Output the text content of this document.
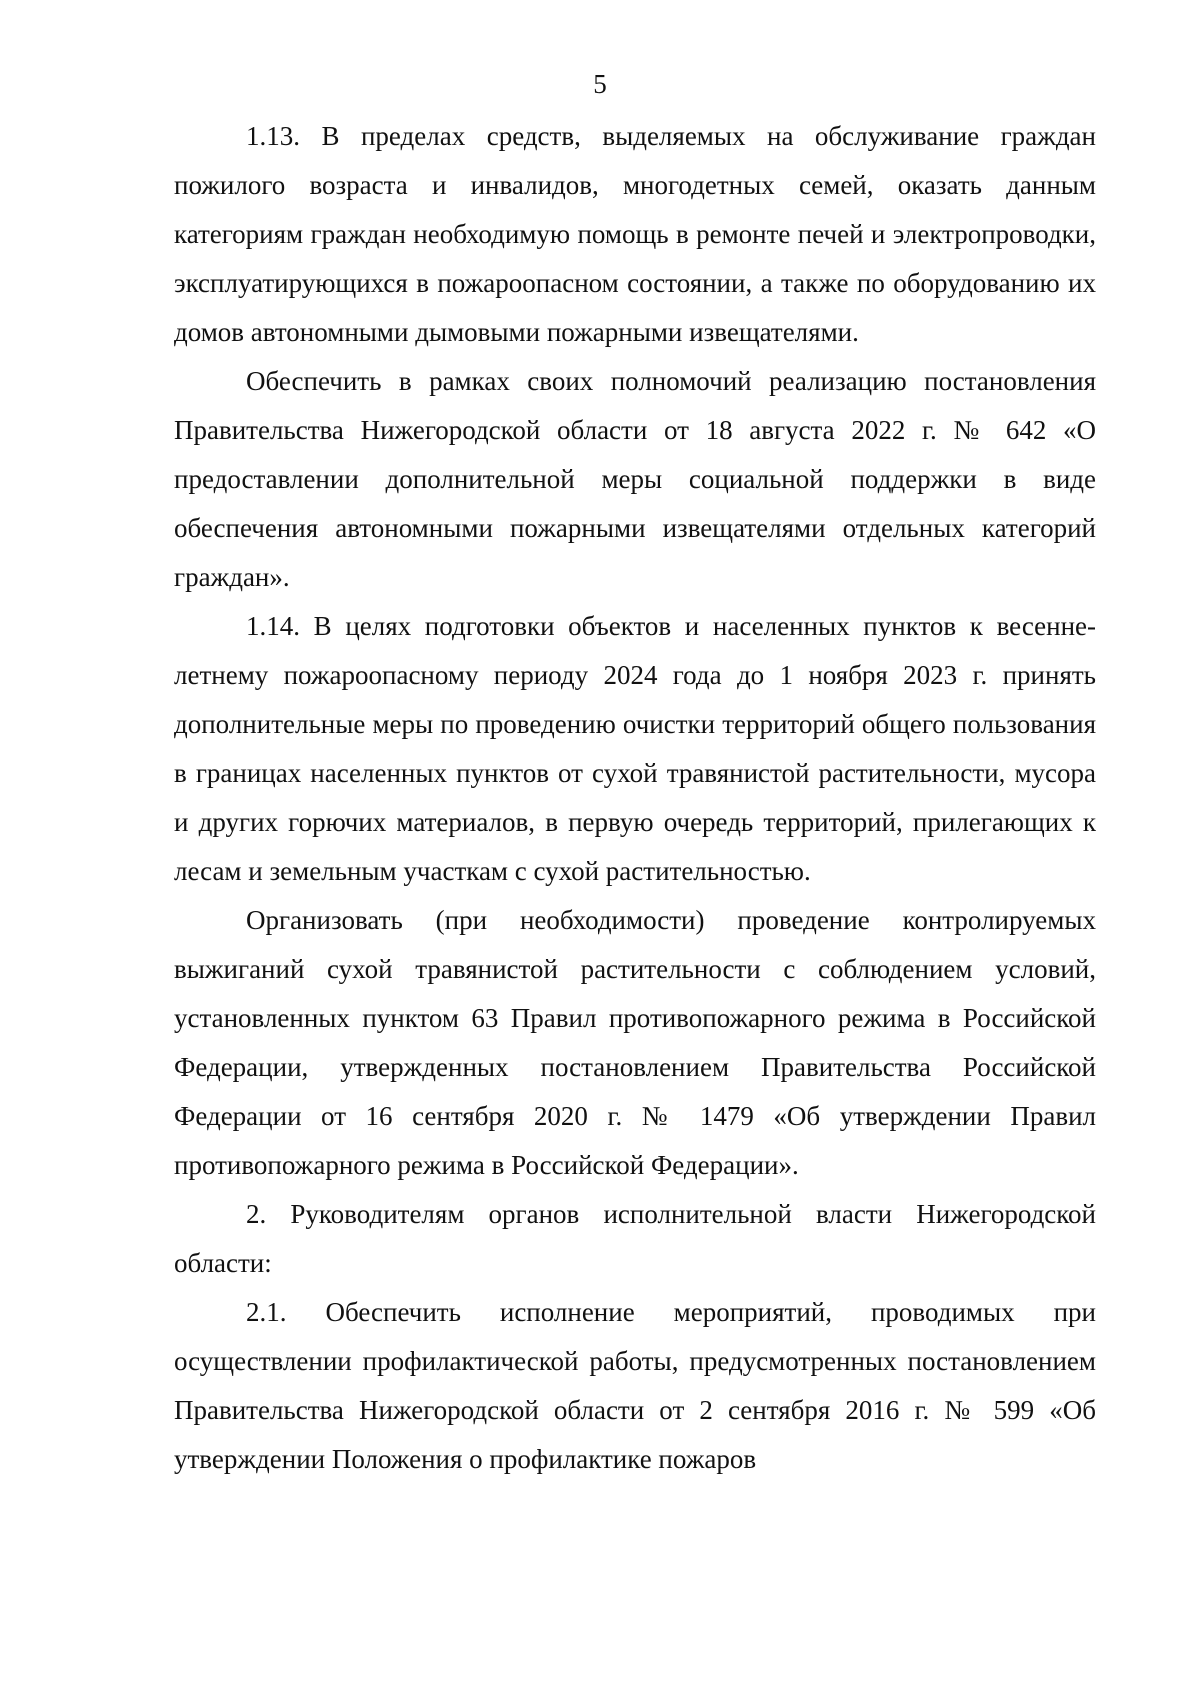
5

1.13. В пределах средств, выделяемых на обслуживание граждан пожилого возраста и инвалидов, многодетных семей, оказать данным категориям граждан необходимую помощь в ремонте печей и электропроводки, эксплуатирующихся в пожароопасном состоянии, а также по оборудованию их домов автономными дымовыми пожарными извещателями.

Обеспечить в рамках своих полномочий реализацию постановления Правительства Нижегородской области от 18 августа 2022 г. № 642 «О предоставлении дополнительной меры социальной поддержки в виде обеспечения автономными пожарными извещателями отдельных категорий граждан».

1.14. В целях подготовки объектов и населенных пунктов к весенне-летнему пожароопасному периоду 2024 года до 1 ноября 2023 г. принять дополнительные меры по проведению очистки территорий общего пользования в границах населенных пунктов от сухой травянистой растительности, мусора и других горючих материалов, в первую очередь территорий, прилегающих к лесам и земельным участкам с сухой растительностью.

Организовать (при необходимости) проведение контролируемых выжиганий сухой травянистой растительности с соблюдением условий, установленных пунктом 63 Правил противопожарного режима в Российской Федерации, утвержденных постановлением Правительства Российской Федерации от 16 сентября 2020 г. № 1479 «Об утверждении Правил противопожарного режима в Российской Федерации».

2. Руководителям органов исполнительной власти Нижегородской области:

2.1. Обеспечить исполнение мероприятий, проводимых при осуществлении профилактической работы, предусмотренных постановлением Правительства Нижегородской области от 2 сентября 2016 г. № 599 «Об утверждении Положения о профилактике пожаров
